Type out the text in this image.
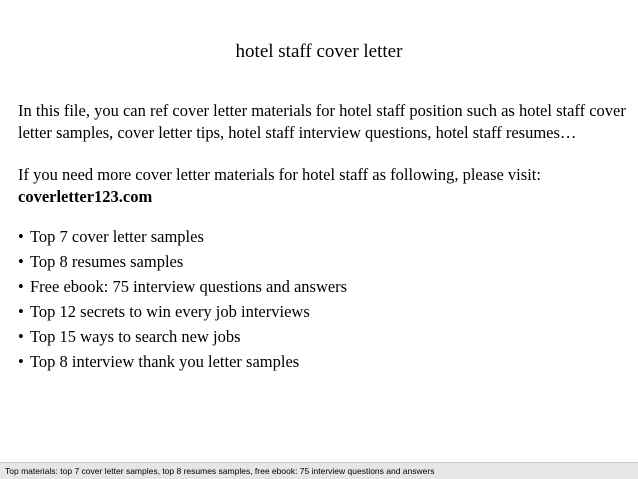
hotel staff cover letter

In this file, you can ref cover letter materials for hotel staff position such as hotel staff cover letter samples, cover letter tips, hotel staff interview questions, hotel staff resumes…

If you need more cover letter materials for hotel staff as following, please visit:
coverletter123.com

• Top 7 cover letter samples
• Top 8 resumes samples
• Free ebook: 75 interview questions and answers
• Top 12 secrets to win every job interviews
• Top 15 ways to search new jobs
• Top 8 interview thank you letter samples
Top materials: top 7 cover letter samples, top 8 resumes samples, free ebook: 75 interview questions and answers
